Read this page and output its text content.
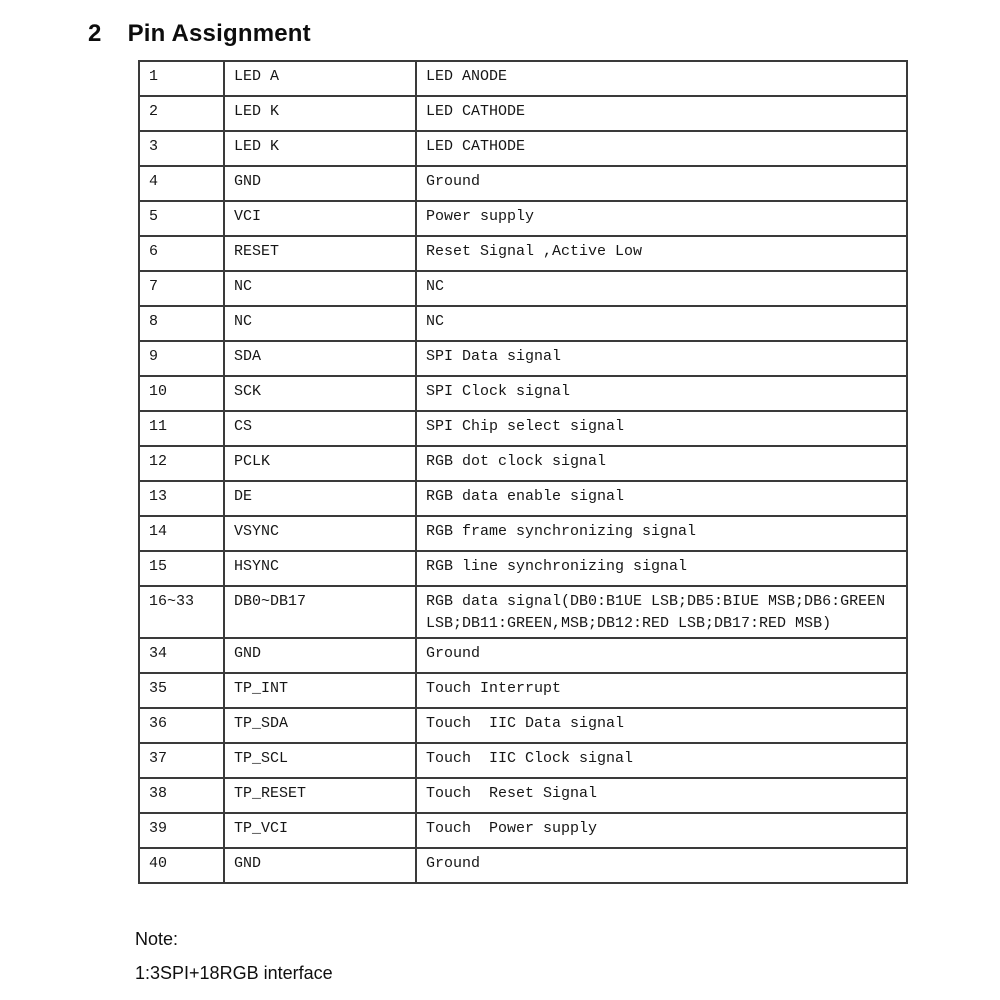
2 Pin Assignment
1	LED A	LED ANODE
2	LED K	LED CATHODE
3	LED K	LED CATHODE
4	GND	Ground
5	VCI	Power supply
6	RESET	Reset Signal ,Active Low
7	NC	NC
8	NC	NC
9	SDA	SPI Data signal
10	SCK	SPI Clock signal
11	CS	SPI Chip select signal
12	PCLK	RGB dot clock signal
13	DE	RGB data enable signal
14	VSYNC	RGB frame synchronizing signal
15	HSYNC	RGB line synchronizing signal
16~33	DB0~DB17	RGB data signal(DB0:B1UE LSB;DB5:BIUE MSB;DB6:GREEN LSB;DB11:GREEN,MSB;DB12:RED LSB;DB17:RED MSB)
34	GND	Ground
35	TP_INT	Touch Interrupt
36	TP_SDA	Touch  IIC Data signal
37	TP_SCL	Touch  IIC Clock signal
38	TP_RESET	Touch  Reset Signal
39	TP_VCI	Touch  Power supply
40	GND	Ground

Note:

1:3SPI+18RGB interface
